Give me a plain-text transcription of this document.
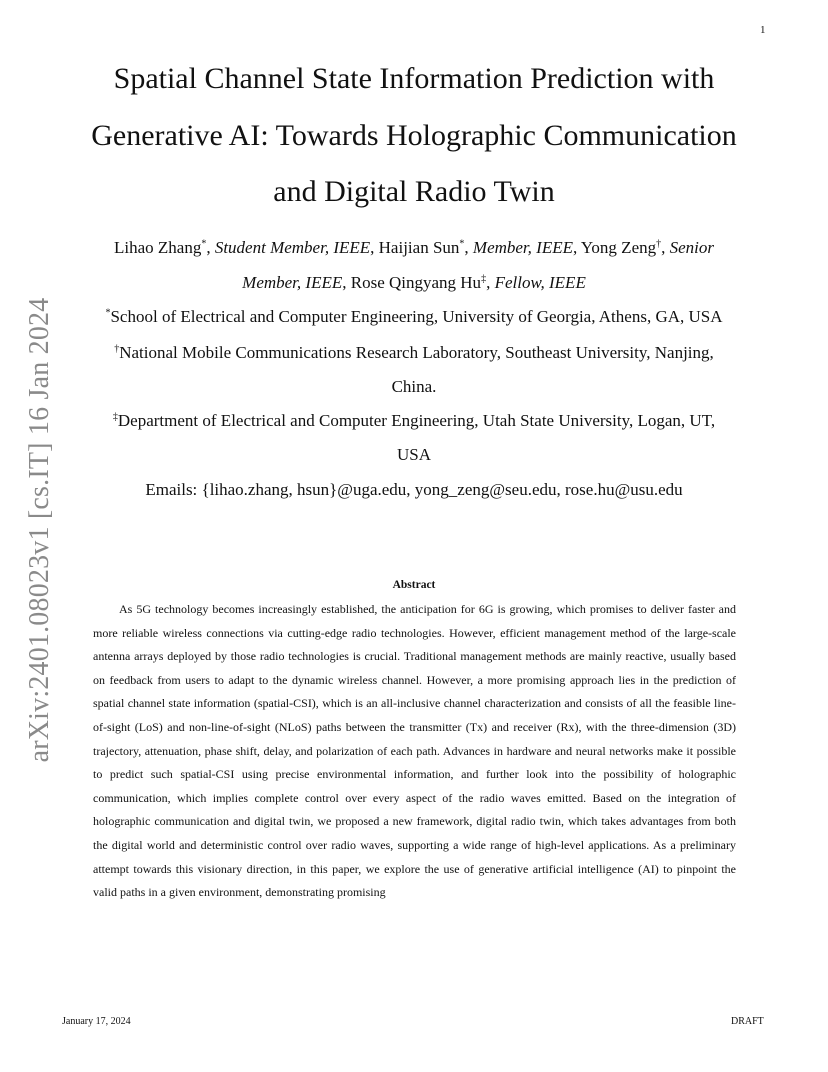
1
arXiv:2401.08023v1 [cs.IT] 16 Jan 2024
Spatial Channel State Information Prediction with
Generative AI: Towards Holographic Communication
and Digital Radio Twin
Lihao Zhang*, Student Member, IEEE, Haijian Sun*, Member, IEEE, Yong Zeng†, Senior
Member, IEEE, Rose Qingyang Hu‡, Fellow, IEEE
*School of Electrical and Computer Engineering, University of Georgia, Athens, GA, USA
†National Mobile Communications Research Laboratory, Southeast University, Nanjing,
China.
‡Department of Electrical and Computer Engineering, Utah State University, Logan, UT,
USA
Emails: {lihao.zhang, hsun}@uga.edu, yong_zeng@seu.edu, rose.hu@usu.edu
Abstract

As 5G technology becomes increasingly established, the anticipation for 6G is growing, which promises to deliver faster and more reliable wireless connections via cutting-edge radio technologies. However, efficient management method of the large-scale antenna arrays deployed by those radio technologies is crucial. Traditional management methods are mainly reactive, usually based on feedback from users to adapt to the dynamic wireless channel. However, a more promising approach lies in the prediction of spatial channel state information (spatial-CSI), which is an all-inclusive channel characterization and consists of all the feasible line-of-sight (LoS) and non-line-of-sight (NLoS) paths between the transmitter (Tx) and receiver (Rx), with the three-dimension (3D) trajectory, attenuation, phase shift, delay, and polarization of each path. Advances in hardware and neural networks make it possible to predict such spatial-CSI using precise environmental information, and further look into the possibility of holographic communication, which implies complete control over every aspect of the radio waves emitted. Based on the integration of holographic communication and digital twin, we proposed a new framework, digital radio twin, which takes advantages from both the digital world and deterministic control over radio waves, supporting a wide range of high-level applications. As a preliminary attempt towards this visionary direction, in this paper, we explore the use of generative artificial intelligence (AI) to pinpoint the valid paths in a given environment, demonstrating promising

January 17, 2024	DRAFT
